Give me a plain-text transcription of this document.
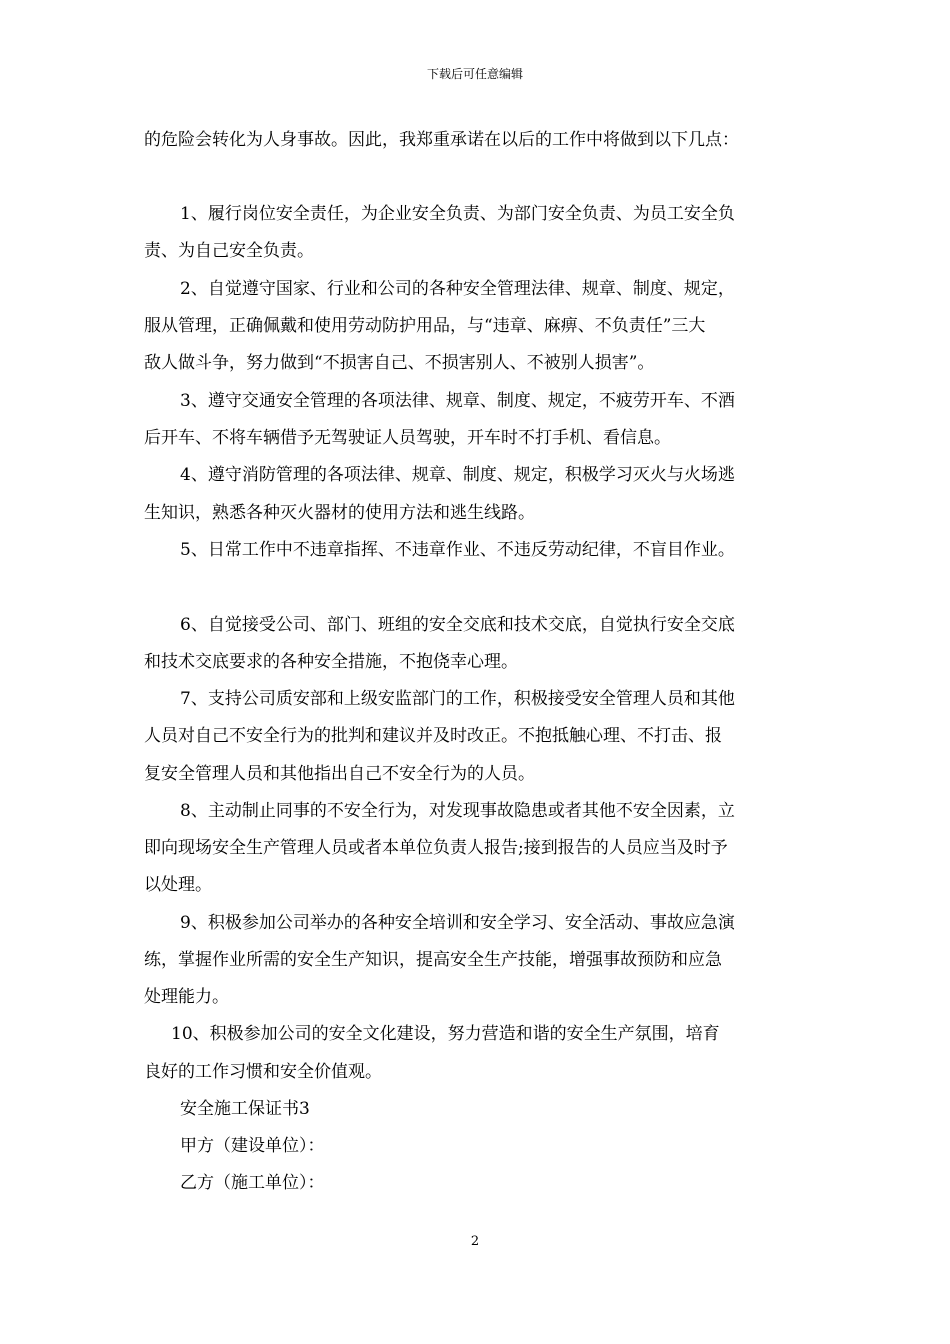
下载后可任意编辑
的危险会转化为人身事故。因此，我郑重承诺在以后的工作中将做到以下几点：
1、履行岗位安全责任，为企业安全负责、为部门安全负责、为员工安全负
责、为自己安全负责。
2、自觉遵守国家、行业和公司的各种安全管理法律、规章、制度、规定，
服从管理，正确佩戴和使用劳动防护用品，与“违章、麻痹、不负责任”三大
敌人做斗争，努力做到“不损害自己、不损害别人、不被别人损害”。
3、遵守交通安全管理的各项法律、规章、制度、规定，不疲劳开车、不酒
后开车、不将车辆借予无驾驶证人员驾驶，开车时不打手机、看信息。
4、遵守消防管理的各项法律、规章、制度、规定，积极学习灭火与火场逃
生知识，熟悉各种灭火器材的使用方法和逃生线路。
5、日常工作中不违章指挥、不违章作业、不违反劳动纪律，不盲目作业。
6、自觉接受公司、部门、班组的安全交底和技术交底，自觉执行安全交底
和技术交底要求的各种安全措施，不抱侥幸心理。
7、支持公司质安部和上级安监部门的工作，积极接受安全管理人员和其他
人员对自己不安全行为的批判和建议并及时改正。不抱抵触心理、不打击、报
复安全管理人员和其他指出自己不安全行为的人员。
8、主动制止同事的不安全行为，对发现事故隐患或者其他不安全因素，立
即向现场安全生产管理人员或者本单位负责人报告;接到报告的人员应当及时予
以处理。
9、积极参加公司举办的各种安全培训和安全学习、安全活动、事故应急演
练，掌握作业所需的安全生产知识，提高安全生产技能，增强事故预防和应急
处理能力。
10、积极参加公司的安全文化建设，努力营造和谐的安全生产氛围，培育
良好的工作习惯和安全价值观。
安全施工保证书3
甲方（建设单位）：
乙方（施工单位）：
2
